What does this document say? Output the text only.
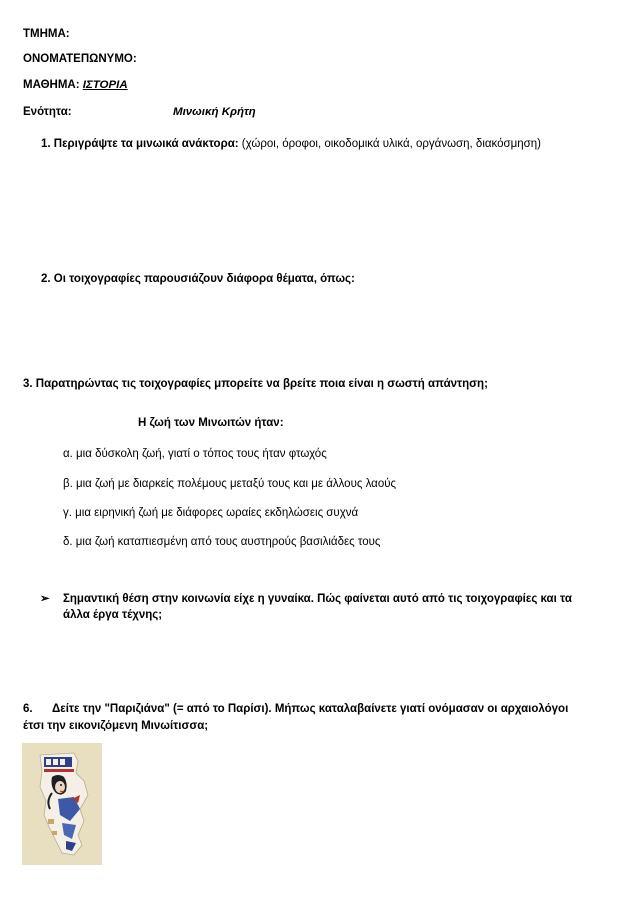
ΤΜΗΜΑ:
ΟΝΟΜΑΤΕΠΩΝΥΜΟ:
ΜΑΘΗΜΑ: ΙΣΤΟΡΙΑ
Ενότητα:	Μινωική Κρήτη
1. Περιγράψτε τα μινωικά ανάκτορα: (χώροι, όροφοι, οικοδομικά υλικά, οργάνωση, διακόσμηση)
2. Οι τοιχογραφίες παρουσιάζουν διάφορα θέματα, όπως:
3. Παρατηρώντας τις τοιχογραφίες μπορείτε να βρείτε ποια είναι η σωστή απάντηση;
Η ζωή των Μινωιτών ήταν:
α. μια δύσκολη ζωή, γιατί ο τόπος τους ήταν φτωχός
β. μια ζωή με διαρκείς πολέμους μεταξύ τους και με άλλους λαούς
γ. μια ειρηνική ζωή με διάφορες ωραίες εκδηλώσεις συχνά
δ. μια ζωή καταπιεσμένη από τους αυστηρούς βασιλιάδες τους
➢ Σημαντική θέση στην κοινωνία είχε η γυναίκα. Πώς φαίνεται αυτό από τις τοιχογραφίες και τα
άλλα έργα τέχνης;
6. Δείτε την "Παριζιάνα" (= από το Παρίσι). Μήπως καταλαβαίνετε γιατί ονόμασαν οι αρχαιολόγοι
έτσι την εικονιζόμενη Μινωίτισσα;
